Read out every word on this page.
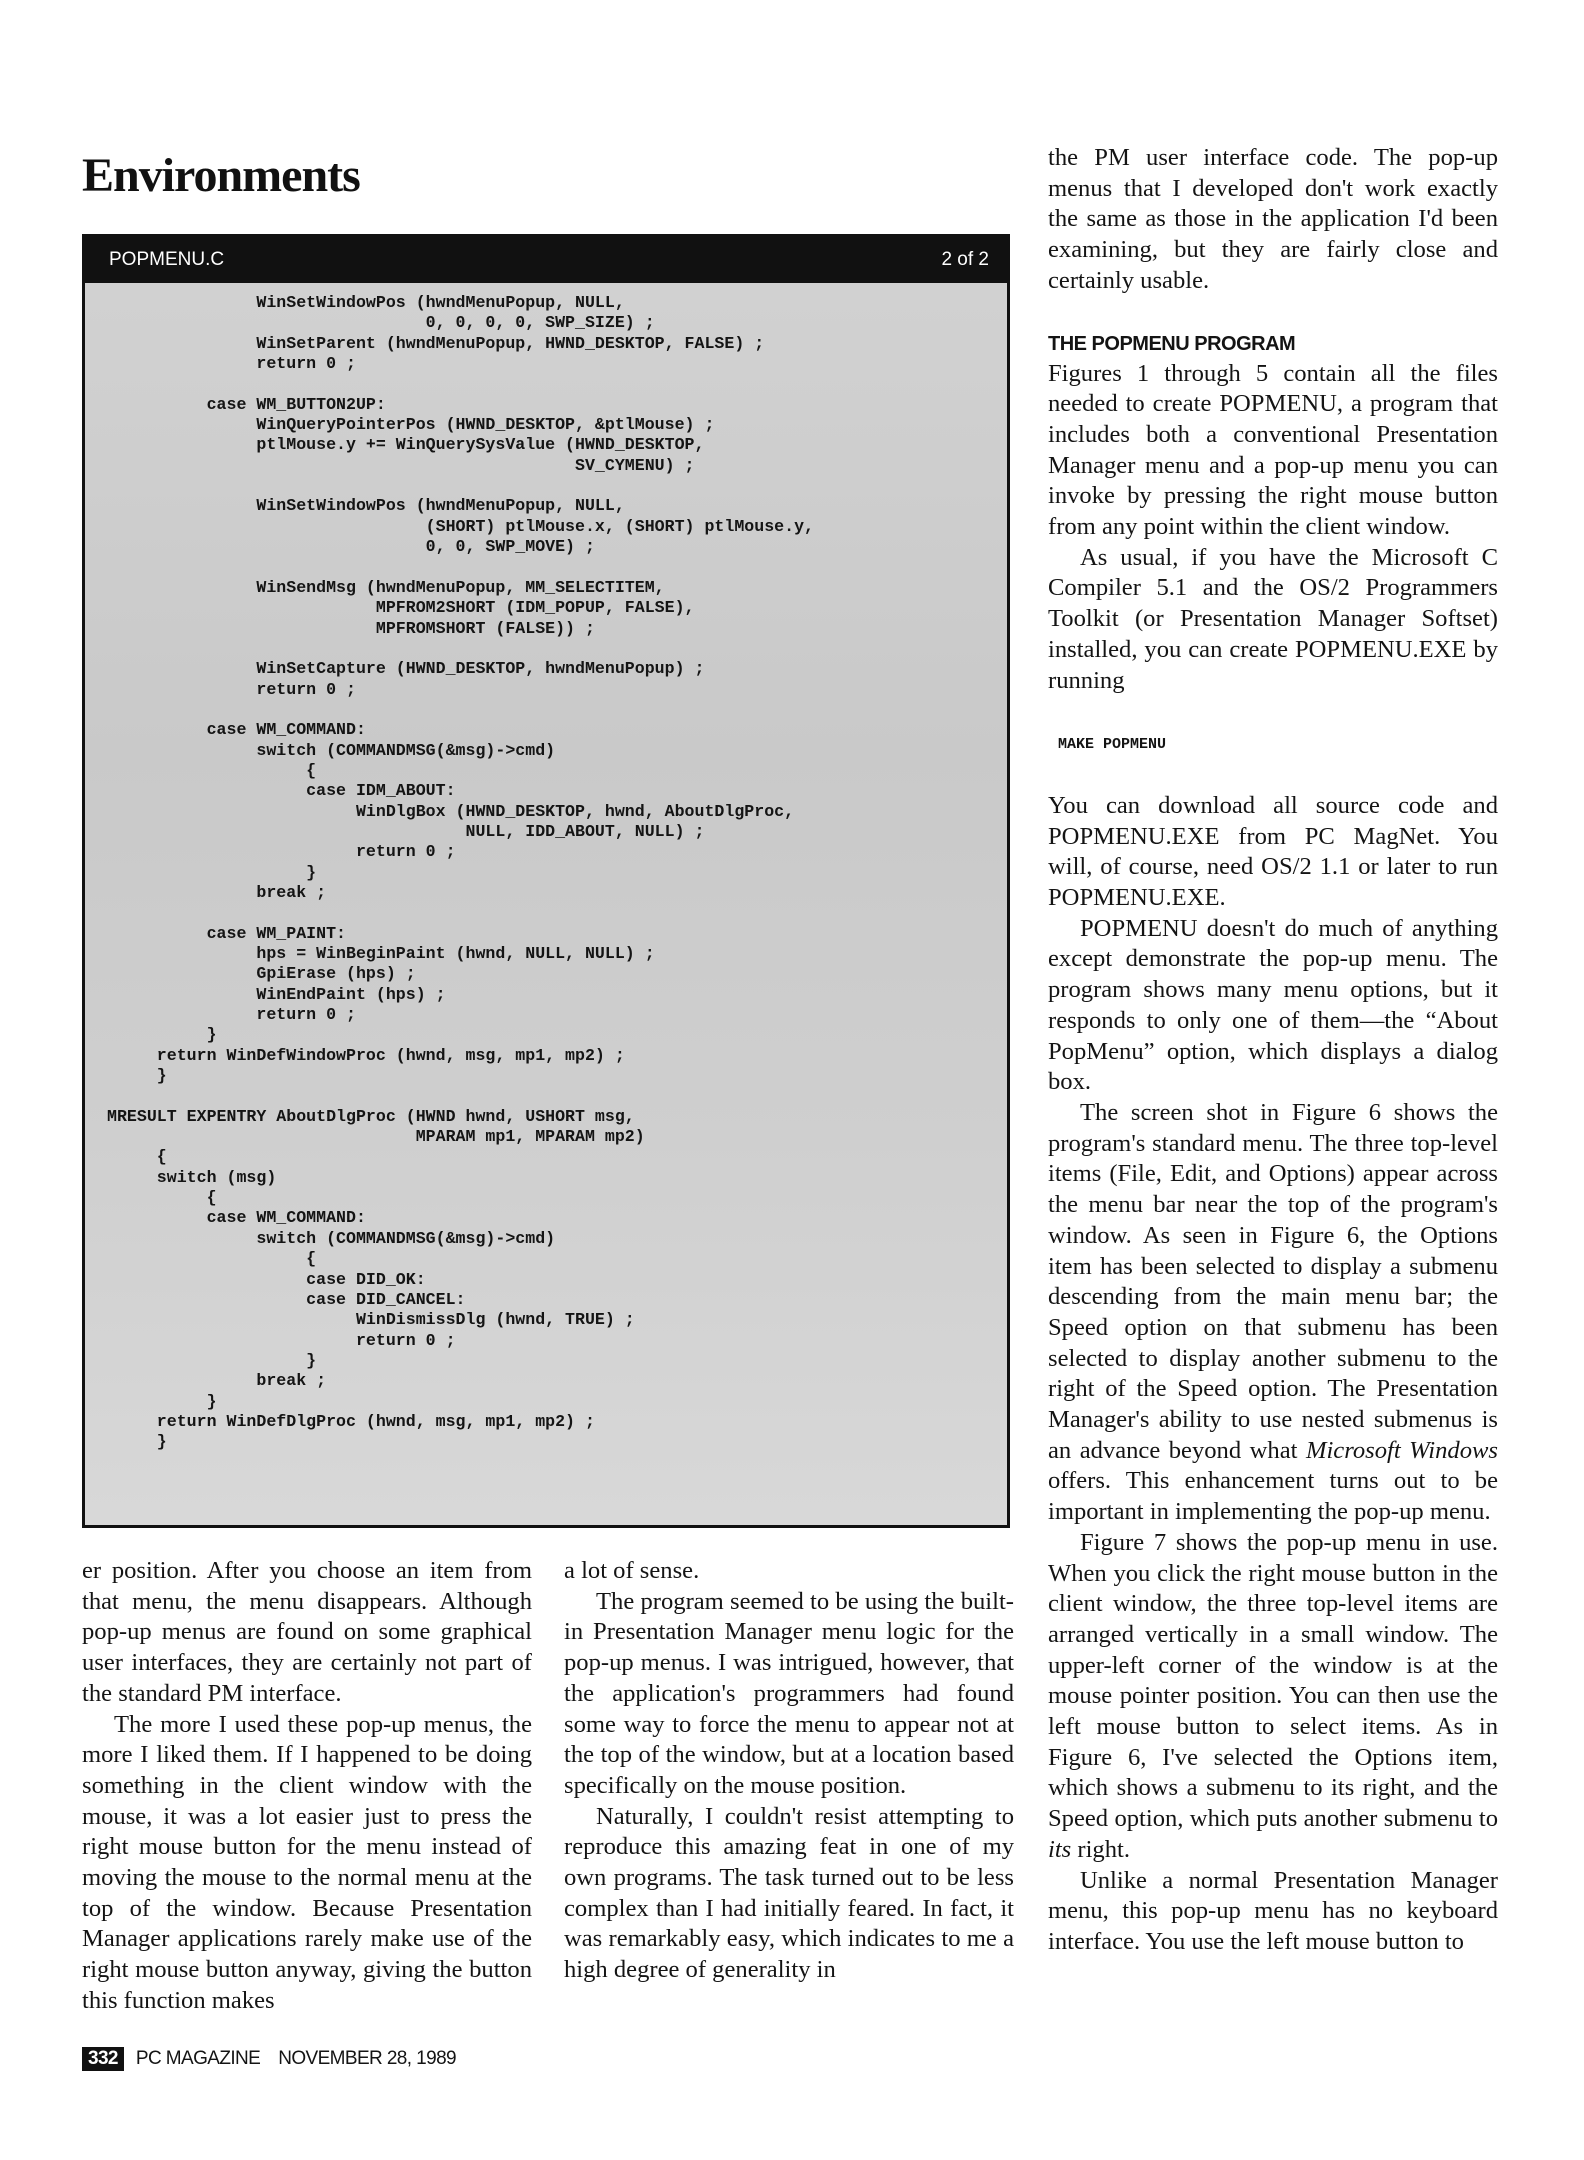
Environments
POPMENU.C	2 of 2
WinSetWindowPos (hwndMenuPopup, NULL,
0, 0, 0, 0, SWP_SIZE) ;
WinSetParent (hwndMenuPopup, HWND_DESKTOP, FALSE) ;
return 0 ;

case WM_BUTTON2UP:
WinQueryPointerPos (HWND_DESKTOP, &ptlMouse) ;
ptlMouse.y += WinQuerySysValue (HWND_DESKTOP,
SV_CYMENU) ;

WinSetWindowPos (hwndMenuPopup, NULL,
(SHORT) ptlMouse.x, (SHORT) ptlMouse.y,
0, 0, SWP_MOVE) ;

WinSendMsg (hwndMenuPopup, MM_SELECTITEM,
MPFROM2SHORT (IDM_POPUP, FALSE),
MPFROMSHORT (FALSE)) ;

WinSetCapture (HWND_DESKTOP, hwndMenuPopup) ;
return 0 ;

case WM_COMMAND:
switch (COMMANDMSG(&msg)->cmd)
{
case IDM_ABOUT:
WinDlgBox (HWND_DESKTOP, hwnd, AboutDlgProc,
NULL, IDD_ABOUT, NULL) ;
return 0 ;
}
break ;

case WM_PAINT:
hps = WinBeginPaint (hwnd, NULL, NULL) ;
GpiErase (hps) ;
WinEndPaint (hps) ;
return 0 ;
}
return WinDefWindowProc (hwnd, msg, mp1, mp2) ;
}

MRESULT EXPENTRY AboutDlgProc (HWND hwnd, USHORT msg,
MPARAM mp1, MPARAM mp2)
{
switch (msg)
{
case WM_COMMAND:
switch (COMMANDMSG(&msg)->cmd)
{
case DID_OK:
case DID_CANCEL:
WinDismissDlg (hwnd, TRUE) ;
return 0 ;
}
break ;
}
return WinDefDlgProc (hwnd, msg, mp1, mp2) ;
}

er position. After you choose an item from that menu, the menu disappears. Although pop-up menus are found on some graphical user interfaces, they are certainly not part of the standard PM interface.

The more I used these pop-up menus, the more I liked them. If I happened to be doing something in the client window with the mouse, it was a lot easier just to press the right mouse button for the menu instead of moving the mouse to the normal menu at the top of the window. Because Presentation Manager applications rarely make use of the right mouse button anyway, giving the button this function makes

a lot of sense.

The program seemed to be using the built-in Presentation Manager menu logic for the pop-up menus. I was intrigued, however, that the application's programmers had found some way to force the menu to appear not at the top of the window, but at a location based specifically on the mouse position.

Naturally, I couldn't resist attempting to reproduce this amazing feat in one of my own programs. The task turned out to be less complex than I had initially feared. In fact, it was remarkably easy, which indicates to me a high degree of generality in

the PM user interface code. The pop-up menus that I developed don't work exactly the same as those in the application I'd been examining, but they are fairly close and certainly usable.

THE POPMENU PROGRAM

Figures 1 through 5 contain all the files needed to create POPMENU, a program that includes both a conventional Presentation Manager menu and a pop-up menu you can invoke by pressing the right mouse button from any point within the client window.

As usual, if you have the Microsoft C Compiler 5.1 and the OS/2 Programmers Toolkit (or Presentation Manager Softset) installed, you can create POPMENU.EXE by running

MAKE POPMENU

You can download all source code and POPMENU.EXE from PC MagNet. You will, of course, need OS/2 1.1 or later to run POPMENU.EXE.

POPMENU doesn't do much of anything except demonstrate the pop-up menu. The program shows many menu options, but it responds to only one of them—the “About PopMenu” option, which displays a dialog box.

The screen shot in Figure 6 shows the program's standard menu. The three top-level items (File, Edit, and Options) appear across the menu bar near the top of the program's window. As seen in Figure 6, the Options item has been selected to display a submenu descending from the main menu bar; the Speed option on that submenu has been selected to display another submenu to the right of the Speed option. The Presentation Manager's ability to use nested submenus is an advance beyond what Microsoft Windows offers. This enhancement turns out to be important in implementing the pop-up menu.

Figure 7 shows the pop-up menu in use. When you click the right mouse button in the client window, the three top-level items are arranged vertically in a small window. The upper-left corner of the window is at the mouse pointer position. You can then use the left mouse button to select items. As in Figure 6, I've selected the Options item, which shows a submenu to its right, and the Speed option, which puts another submenu to its right.

Unlike a normal Presentation Manager menu, this pop-up menu has no keyboard interface. You use the left mouse button to

332 PC MAGAZINE NOVEMBER 28, 1989
